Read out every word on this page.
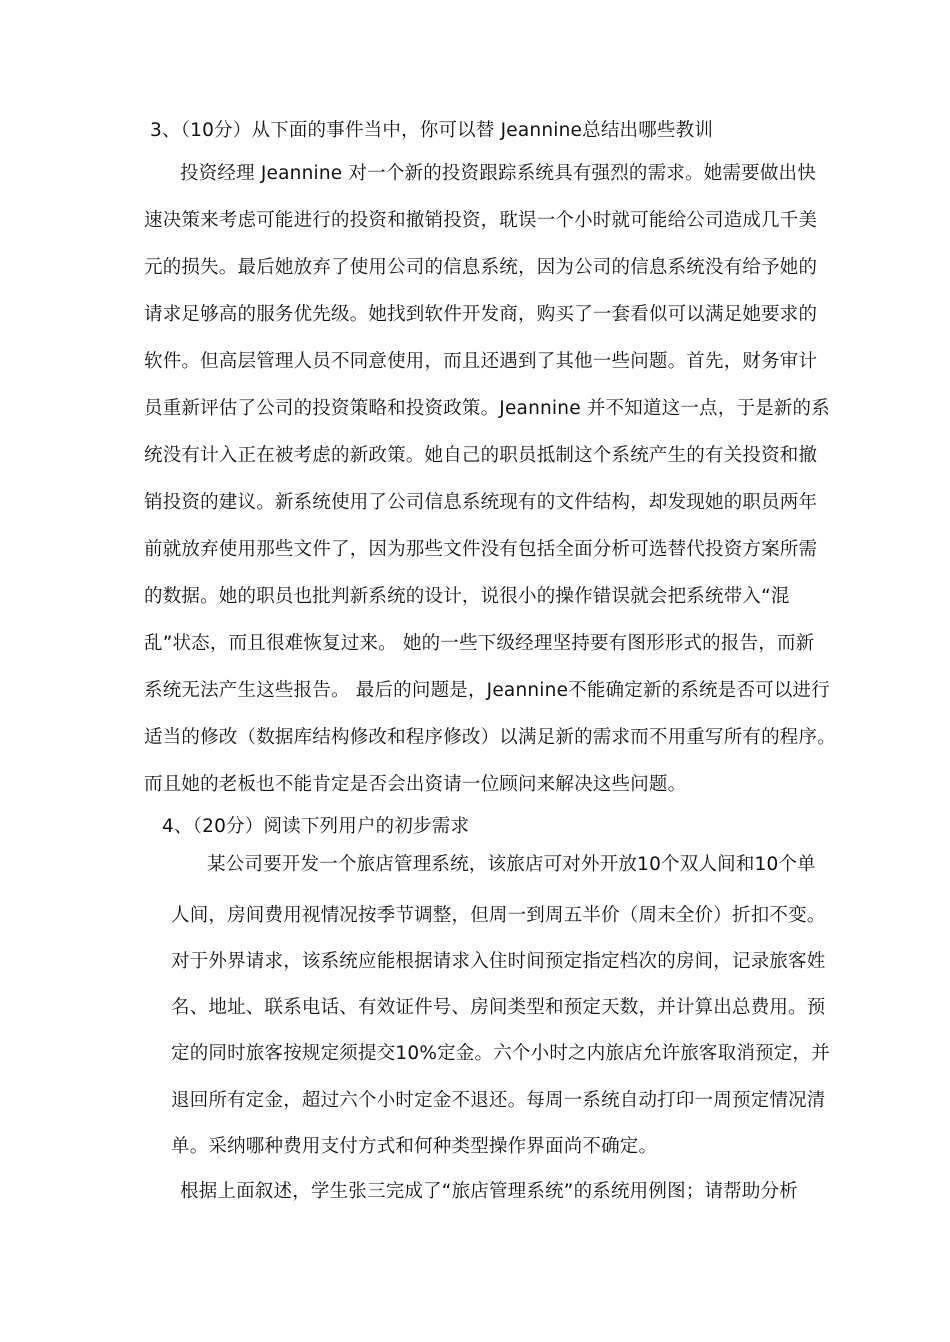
3、（10分）从下面的事件当中，你可以替 Jeannine总结出哪些教训

投资经理 Jeannine 对一个新的投资跟踪系统具有强烈的需求。她需要做出快

速决策来考虑可能进行的投资和撤销投资，耽误一个小时就可能给公司造成几千美

元的损失。最后她放弃了使用公司的信息系统，因为公司的信息系统没有给予她的

请求足够高的服务优先级。她找到软件开发商，购买了一套看似可以满足她要求的

软件。但高层管理人员不同意使用，而且还遇到了其他一些问题。首先，财务审计

员重新评估了公司的投资策略和投资政策。Jeannine 并不知道这一点，于是新的系

统没有计入正在被考虑的新政策。她自己的职员抵制这个系统产生的有关投资和撤

销投资的建议。新系统使用了公司信息系统现有的文件结构，却发现她的职员两年

前就放弃使用那些文件了，因为那些文件没有包括全面分析可选替代投资方案所需

的数据。她的职员也批判新系统的设计，说很小的操作错误就会把系统带入“混

乱”状态，而且很难恢复过来。 她的一些下级经理坚持要有图形形式的报告，而新

系统无法产生这些报告。 最后的问题是，Jeannine不能确定新的系统是否可以进行

适当的修改（数据库结构修改和程序修改）以满足新的需求而不用重写所有的程序。

而且她的老板也不能肯定是否会出资请一位顾问来解决这些问题。

4、（20分）阅读下列用户的初步需求

某公司要开发一个旅店管理系统，该旅店可对外开放10个双人间和10个单

人间，房间费用视情况按季节调整，但周一到周五半价（周末全价）折扣不变。

对于外界请求，该系统应能根据请求入住时间预定指定档次的房间，记录旅客姓

名、地址、联系电话、有效证件号、房间类型和预定天数，并计算出总费用。预

定的同时旅客按规定须提交10%定金。六个小时之内旅店允许旅客取消预定，并

退回所有定金，超过六个小时定金不退还。每周一系统自动打印一周预定情况清

单。采纳哪种费用支付方式和何种类型操作界面尚不确定。

根据上面叙述，学生张三完成了“旅店管理系统”的系统用例图；请帮助分析
